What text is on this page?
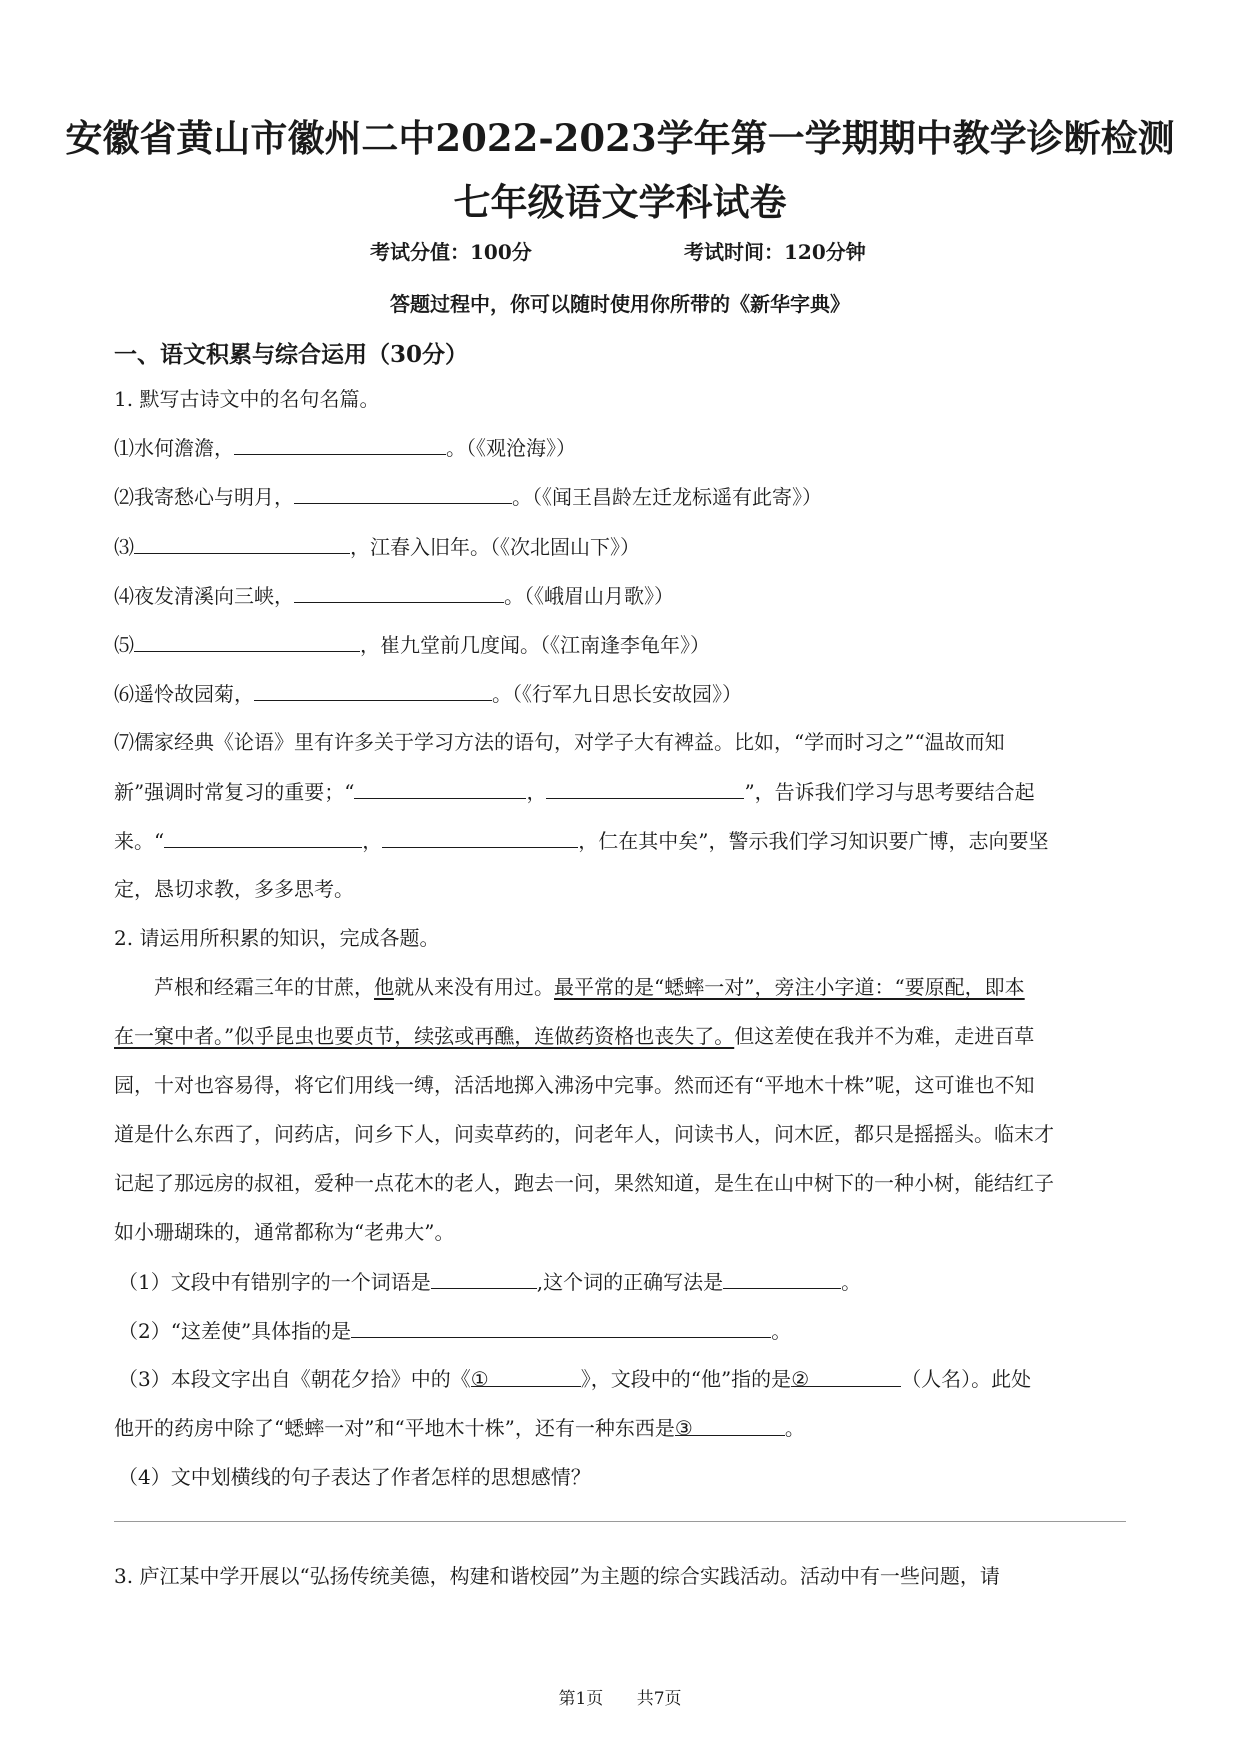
安徽省黄山市徽州二中2022-2023学年第一学期期中教学诊断检测
七年级语文学科试卷
考试分值：100分	考试时间：120分钟
答题过程中，你可以随时使用你所带的《新华字典》
一、语文积累与综合运用（30分）
1. 默写古诗文中的名句名篇。
⑴水何澹澹，	。（《观沧海》）
⑵我寄愁心与明月，	。（《闻王昌龄左迁龙标遥有此寄》）
⑶	，江春入旧年。（《次北固山下》）
⑷夜发清溪向三峡，	。（《峨眉山月歌》）
⑸	，崔九堂前几度闻。（《江南逢李龟年》）
⑹遥怜故园菊，	。（《行军九日思长安故园》）
⑺儒家经典《论语》里有许多关于学习方法的语句，对学子大有裨益。比如，“学而时习之”“温故而知
新”强调时常复习的重要；“	，	”，告诉我们学习与思考要结合起
来。“	，	，仁在其中矣”，警示我们学习知识要广博，志向要坚
定，恳切求教，多多思考。
2. 请运用所积累的知识，完成各题。
芦根和经霜三年的甘蔗，他就从来没有用过。最平常的是“蟋蟀一对”，旁注小字道：“要原配，即本
在一窠中者。”似乎昆虫也要贞节，续弦或再醮，连做药资格也丧失了。但这差使在我并不为难，走进百草
园，十对也容易得，将它们用线一缚，活活地掷入沸汤中完事。然而还有“平地木十株”呢，这可谁也不知
道是什么东西了，问药店，问乡下人，问卖草药的，问老年人，问读书人，问木匠，都只是摇摇头。临末才
记起了那远房的叔祖，爱种一点花木的老人，跑去一问，果然知道，是生在山中树下的一种小树，能结红子
如小珊瑚珠的，通常都称为“老弗大”。
（1）文段中有错别字的一个词语是	,这个词的正确写法是	。
（2）“这差使”具体指的是	。
（3）本段文字出自《朝花夕拾》中的《①	》，文段中的“他”指的是②	（人名）。此处
他开的药房中除了“蟋蟀一对”和“平地木十株”，还有一种东西是③	。
（4）文中划横线的句子表达了作者怎样的思想感情？
3. 庐江某中学开展以“弘扬传统美德，构建和谐校园”为主题的综合实践活动。活动中有一些问题，请
第1页 共7页
